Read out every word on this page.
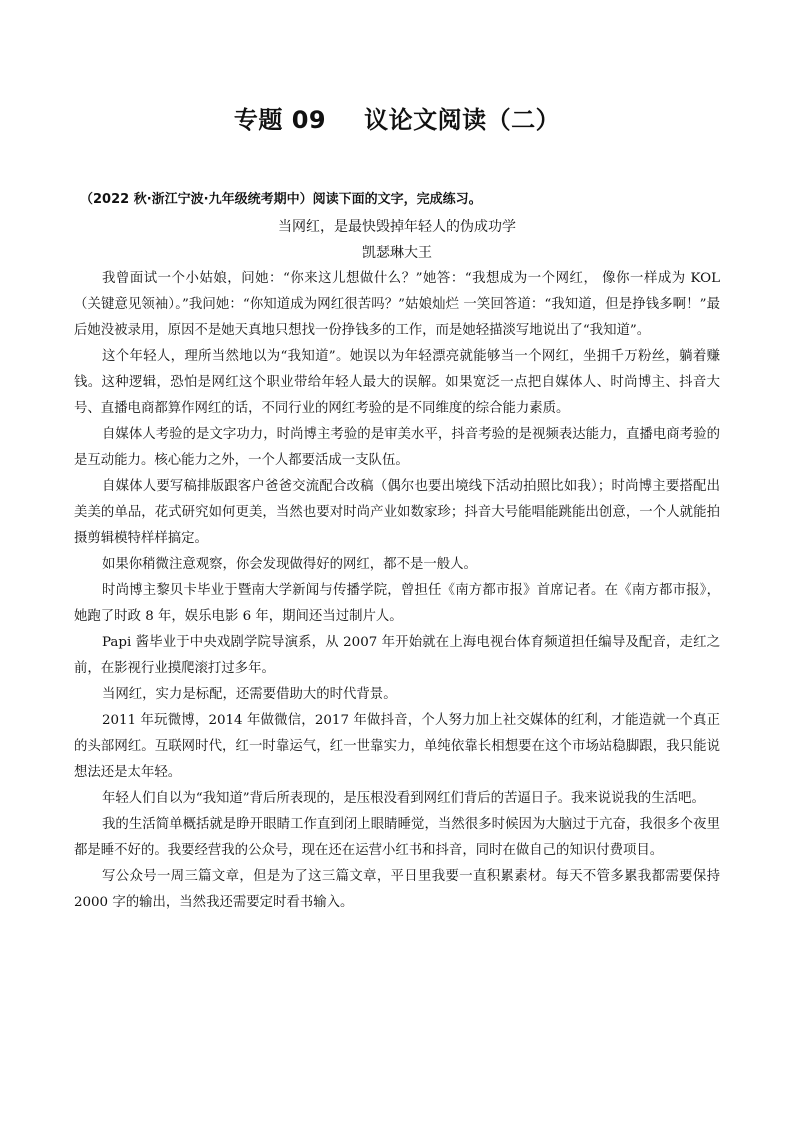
专题 09 议论文阅读（二）
（2022 秋·浙江宁波·九年级统考期中）阅读下面的文字，完成练习。
当网红，是最快毁掉年轻人的伪成功学
凯瑟琳大王

我曾面试一个小姑娘，问她：“你来这儿想做什么？”她答：“我想成为一个网红， 像你一样成为 KOL（关键意见领袖）。”我问她：“你知道成为网红很苦吗？”姑娘灿烂 一笑回答道：“我知道，但是挣钱多啊！”最后她没被录用，原因不是她天真地只想找一份挣钱多的工作，而是她轻描淡写地说出了“我知道”。

这个年轻人，理所当然地以为“我知道”。她误以为年轻漂亮就能够当一个网红，坐拥千万粉丝，躺着赚钱。这种逻辑，恐怕是网红这个职业带给年轻人最大的误解。如果宽泛一点把自媒体人、时尚博主、抖音大号、直播电商都算作网红的话，不同行业的网红考验的是不同维度的综合能力素质。

自媒体人考验的是文字功力，时尚博主考验的是审美水平，抖音考验的是视频表达能力，直播电商考验的是互动能力。核心能力之外，一个人都要活成一支队伍。

自媒体人要写稿排版跟客户爸爸交流配合改稿（偶尔也要出境线下活动拍照比如我）；时尚博主要搭配出美美的单品，花式研究如何更美，当然也要对时尚产业如数家珍；抖音大号能唱能跳能出创意，一个人就能拍摄剪辑模特样样搞定。

如果你稍微注意观察，你会发现做得好的网红，都不是一般人。

时尚博主黎贝卡毕业于暨南大学新闻与传播学院，曾担任《南方都市报》首席记者。在《南方都市报》，她跑了时政 8 年，娱乐电影 6 年，期间还当过制片人。

Papi 酱毕业于中央戏剧学院导演系，从 2007 年开始就在上海电视台体育频道担任编导及配音，走红之前，在影视行业摸爬滚打过多年。

当网红，实力是标配，还需要借助大的时代背景。

2011 年玩微博，2014 年做微信，2017 年做抖音，个人努力加上社交媒体的红利，才能造就一个真正的头部网红。互联网时代，红一时靠运气，红一世靠实力，单纯依靠长相想要在这个市场站稳脚跟，我只能说想法还是太年轻。

年轻人们自以为“我知道”背后所表现的，是压根没看到网红们背后的苦逼日子。我来说说我的生活吧。

我的生活简单概括就是睁开眼睛工作直到闭上眼睛睡觉，当然很多时候因为大脑过于亢奋，我很多个夜里都是睡不好的。我要经营我的公众号，现在还在运营小红书和抖音，同时在做自己的知识付费项目。

写公众号一周三篇文章，但是为了这三篇文章，平日里我要一直积累素材。每天不管多累我都需要保持 2000 字的输出，当然我还需要定时看书输入。
